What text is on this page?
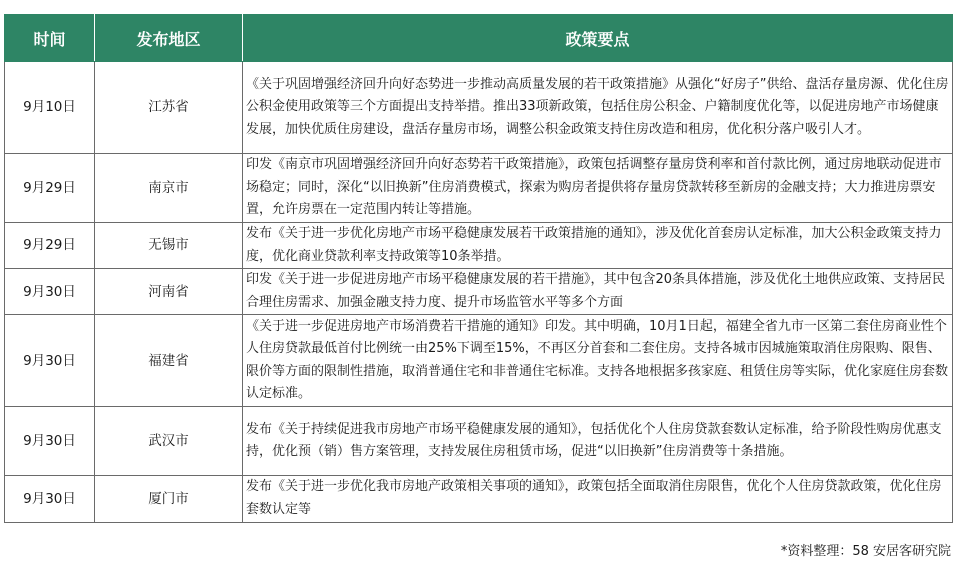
时间	发布地区	政策要点
9月10日	江苏省	《关于巩固增强经济回升向好态势进一步推动高质量发展的若干政策措施》从强化“好房子”供给、盘活存量房源、优化住房公积金使用政策等三个方面提出支持举措。推出33项新政策，包括住房公积金、户籍制度优化等，以促进房地产市场健康发展，加快优质住房建设，盘活存量房市场，调整公积金政策支持住房改造和租房，优化积分落户吸引人才。
9月29日	南京市	印发《南京市巩固增强经济回升向好态势若干政策措施》，政策包括调整存量房贷利率和首付款比例，通过房地联动促进市场稳定；同时，深化“以旧换新”住房消费模式，探索为购房者提供将存量房贷款转移至新房的金融支持；大力推进房票安置，允许房票在一定范围内转让等措施。
9月29日	无锡市	发布《关于进一步优化房地产市场平稳健康发展若干政策措施的通知》，涉及优化首套房认定标准，加大公积金政策支持力度，优化商业贷款利率支持政策等10条举措。
9月30日	河南省	印发《关于进一步促进房地产市场平稳健康发展的若干措施》，其中包含20条具体措施，涉及优化土地供应政策、支持居民合理住房需求、加强金融支持力度、提升市场监管水平等多个方面
9月30日	福建省	《关于进一步促进房地产市场消费若干措施的通知》印发。其中明确，10月1日起，福建全省九市一区第二套住房商业性个人住房贷款最低首付比例统一由25%下调至15%，不再区分首套和二套住房。支持各城市因城施策取消住房限购、限售、限价等方面的限制性措施，取消普通住宅和非普通住宅标准。支持各地根据多孩家庭、租赁住房等实际，优化家庭住房套数认定标准。
9月30日	武汉市	发布《关于持续促进我市房地产市场平稳健康发展的通知》，包括优化个人住房贷款套数认定标准，给予阶段性购房优惠支持，优化预（销）售方案管理，支持发展住房租赁市场，促进“以旧换新”住房消费等十条措施。
9月30日	厦门市	发布《关于进一步优化我市房地产政策相关事项的通知》，政策包括全面取消住房限售，优化个人住房贷款政策，优化住房套数认定等
*资料整理：58 安居客研究院
